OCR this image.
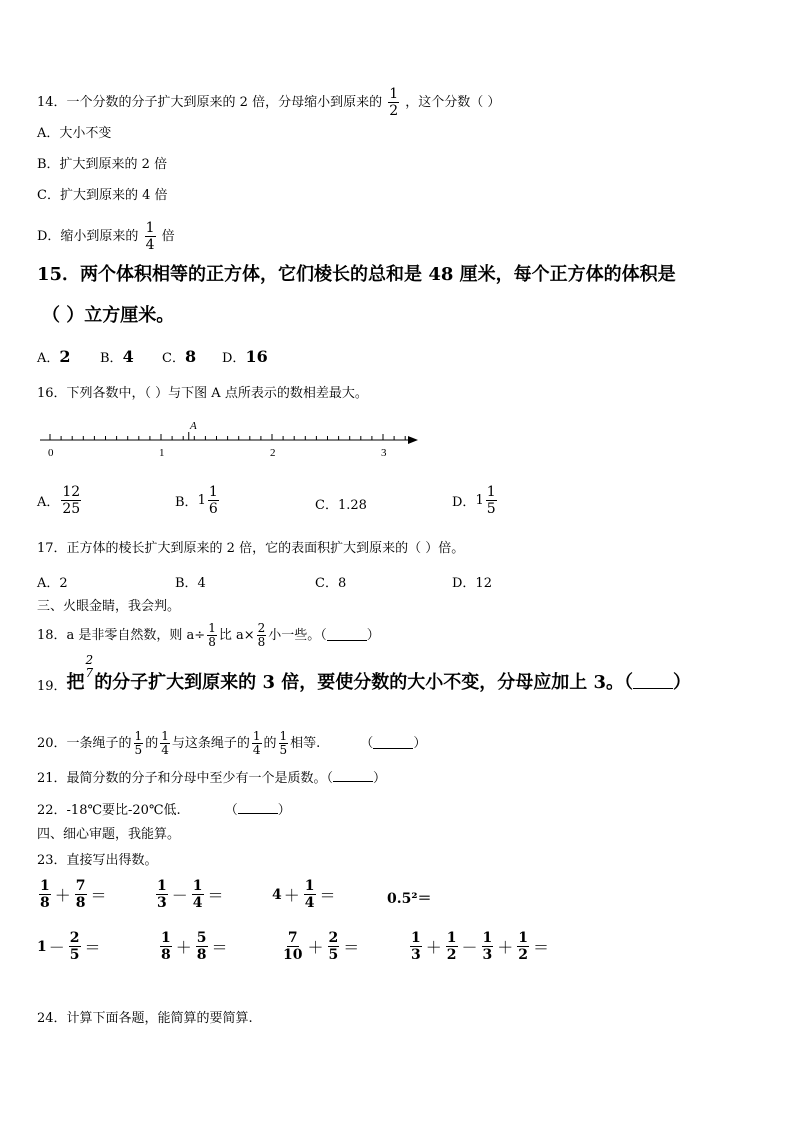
14．一个分数的分子扩大到原来的 2 倍，分母缩小到原来的 $\frac{1}{2}$ ，这个分数（ ）
A．大小不变
B．扩大到原来的 2 倍
C．扩大到原来的 4 倍
D．缩小到原来的 $\frac{1}{4}$ 倍
15．两个体积相等的正方体，它们棱长的总和是 48 厘米，每个正方体的体积是
（ ）立方厘米。
A．2 B．4 C．8 D．16
16．下列各数中，（ ）与下图 A 点所表示的数相差最大。
A
0	1	2	3
A． $\frac{12}{25}$	B． $1 \frac{1}{6}$	C．1.28	D． $1 \frac{1}{5}$
17．正方体的棱长扩大到原来的 2 倍，它的表面积扩大到原来的（ ）倍。
A．2	B．4	C．8	D．12
三、火眼金睛，我会判。
18．a 是非零自然数，则 $a\div \frac{1}{8}$ 比 $a\times \frac{2}{8}$ 小一些。（	）
19． 把
2
7 的分子扩大到原来的 3 倍，要使分数的大小不变，分母应加上 3。（ ）
20．一条绳子的 $\frac{1}{5}$ 的 $\frac{1}{4}$ 与这条绳子的 $\frac{1}{4}$ 的 $\frac{1}{5}$ 相等.	（	）
21．最简分数的分子和分母中至少有一个是质数。（	）
22．-18℃要比-20℃低.	（	）
四、细心审题，我能算。
23．直接写出得数。
$\frac{1}{8} + \frac{7}{8}$ ＝	$\frac{1}{3} - \frac{1}{4}$ ＝	$4 + \frac{1}{4}$ ＝	0.5²＝
$1 - \frac{2}{5}$ ＝	$\frac{1}{8} + \frac{5}{8}$ ＝	$\frac{7}{10} + \frac{2}{5}$ ＝	$\frac{1}{3} + \frac{1}{2} - \frac{1}{3} + \frac{1}{2}$ ＝
24．计算下面各题，能简算的要简算.
